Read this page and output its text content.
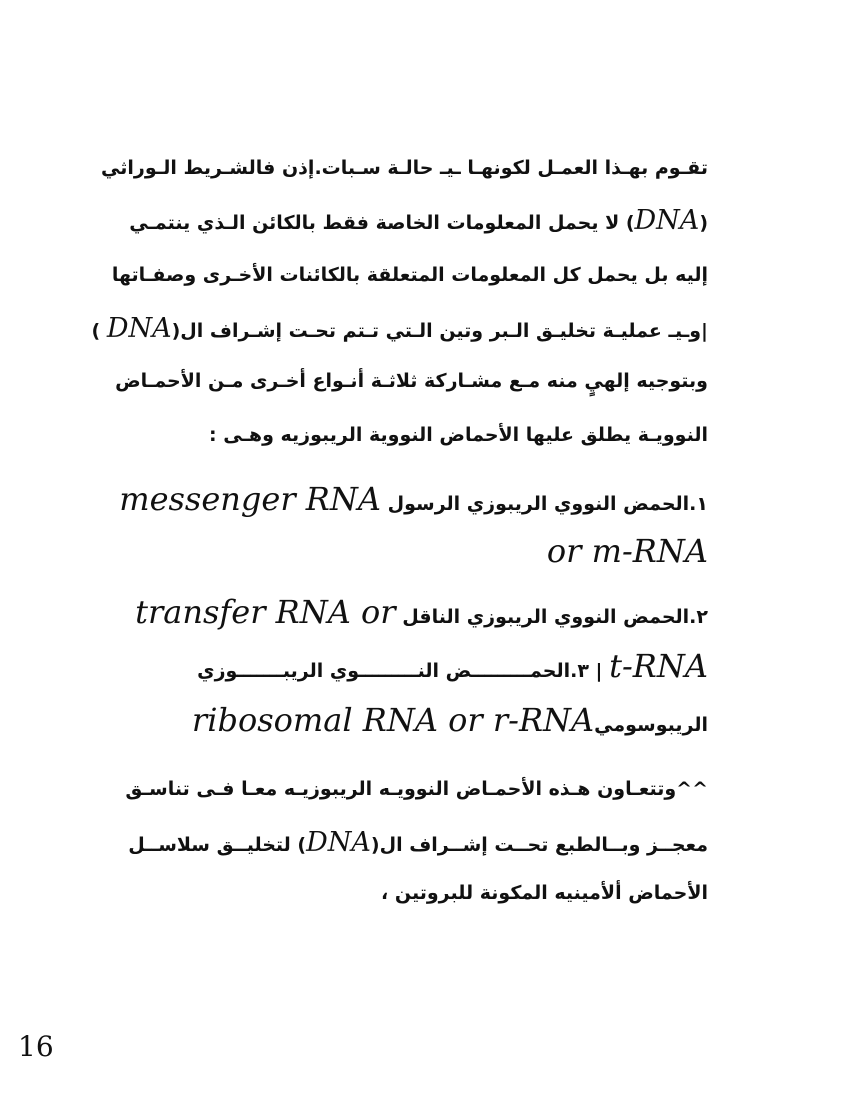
تقـوم بهـذا العمـل لكونهـا ـيـ حالـة سـبات.إذن فالشـريط الـوراثي
(DNA) لا يحمل المعلومات الخاصة فقط بالكائن الـذي ينتمـي
إليه بل يحمل كل المعلومات المتعلقة بالكائنات الأخـرى وصفـاتها
|وـيـ عمليـة تخليـق الـبر وتين الـتي تـتم تحـت إشـراف ال(DNA )
وبتوجيه إلهيٍ منه مـع مشـاركة ثلاثـة أنـواع أخـرى مـن الأحمـاض
النوويـة يطلق عليها الأحماض النووية الريبوزيه وهـى :
١.الحمض النووي الريبوزي الرسول messenger RNA
or m-RNA
٢.الحمض النووي الريبوزي الناقل transfer RNA or
t-RNA | ٣.الحمـــــــــض النـــــــــوي الريبـــــــوزي
الريبوسوميribosomal RNA or r-RNA
^^وتتعـاون هـذه الأحمـاض النوويـه الريبوزيـه معـا فـى تناسـق
معجــز وبــالطبع تحــت إشــراف ال(DNA) لتخليــق سلاســل
الأحماض ألأمينيه المكونة للبروتين ،
16
